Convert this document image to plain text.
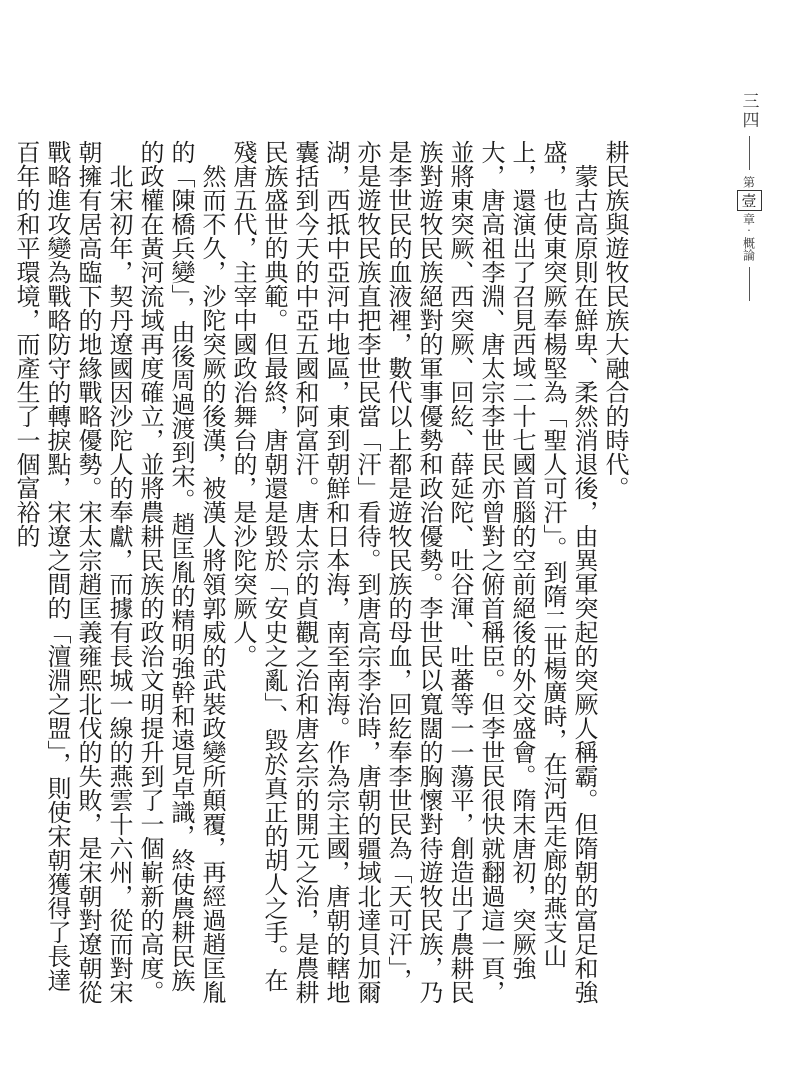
三四
第
壹
章
·
概論

耕民族與遊牧民族大融合的時代。

蒙古高原則在鮮卑、柔然消退後，由異軍突起的突厥人稱霸。但隋朝的富足和強盛，也使東突厥奉楊堅為「聖人可汗」。到隋二世楊廣時，在河西走廊的燕支山上，還演出了召見西域二十七國首腦的空前絕後的外交盛會。隋末唐初，突厥強大，唐高祖李淵、唐太宗李世民亦曾對之俯首稱臣。但李世民很快就翻過這一頁，並將東突厥、西突厥、回紇、薛延陀、吐谷渾、吐蕃等一一蕩平，創造出了農耕民族對遊牧民族絕對的軍事優勢和政治優勢。李世民以寬闊的胸懷對待遊牧民族，乃是李世民的血液裡，數代以上都是遊牧民族的母血，回紇奉李世民為「天可汗」，亦是遊牧民族直把李世民當「汗」看待。到唐高宗李治時，唐朝的疆域北達貝加爾湖，西抵中亞河中地區，東到朝鮮和日本海，南至南海。作為宗主國，唐朝的轄地囊括到今天的中亞五國和阿富汗。唐太宗的貞觀之治和唐玄宗的開元之治，是農耕民族盛世的典範。但最終，唐朝還是毀於「安史之亂」、毀於真正的胡人之手。在殘唐五代，主宰中國政治舞台的，是沙陀突厥人。

然而不久，沙陀突厥的後漢，被漢人將領郭威的武裝政變所顛覆，再經過趙匡胤的「陳橋兵變」，由後周過渡到宋。趙匡胤的精明強幹和遠見卓識，終使農耕民族的政權在黃河流域再度確立，並將農耕民族的政治文明提升到了一個嶄新的高度。

北宋初年，契丹遼國因沙陀人的奉獻，而據有長城一線的燕雲十六州，從而對宋朝擁有居高臨下的地緣戰略優勢。宋太宗趙匡義雍熙北伐的失敗，是宋朝對遼朝從戰略進攻變為戰略防守的轉捩點，宋遼之間的「澶淵之盟」，則使宋朝獲得了長達百年的和平環境，而產生了一個富裕的
